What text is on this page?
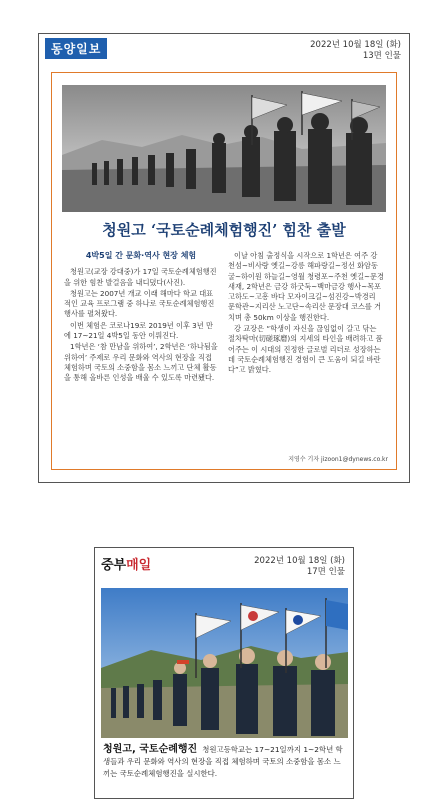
동양일보	2022년 10월 18일 (화)
13면 인물
청원고 ‘국토순례체험행진’ 힘찬 출발
4박5일 간 문화·역사 현장 체험

청원고(교장 강대중)가 17일 국토순례체험행진을 위한 힘찬 발걸음을 내디뎠다(사진).

청원고는 2007년 개교 이래 해마다 학교 대표적인 교육 프로그램 중 하나로 국토순례체험행진 행사를 펼쳐왔다.

이번 체험은 코로나19로 2019년 이후 3년 만에 17~21일 4박5일 동안 이뤄진다.

1학년은 ‘참 만남을 위하여’, 2학년은 ‘하나됨을 위하여’ 주제로 우리 문화와 역사의 현장을 직접 체험하며 국토의 소중함을 몸소 느끼고 단체 활동을 통해 올바른 인성을 배울 수 있도록 마련됐다.

이날 아침 출정식을 시작으로 1학년은 여주 강천섬~비사랑 옛길~강릉 해파랑길~정선 화암동굴~하이원 하늘길~영월 청령포~주천 옛길~문경새재, 2학년은 금강 하굿둑~백마금강 행사~목포 고하도~고흥 바다 모자이크길~섬진강~박경리 문학관~지리산 노고단~속리산 문장대 코스를 거치며 총 50km 이상을 행진한다.

강 교장은 “학생이 자신을 끊임없이 갈고 닦는 절차탁마(切磋琢磨)의 지세의 타인을 배려하고 품어주는 이 시대의 진정한 글로벌 리더로 성장하는 데 국토순례체험행진 경험이 큰 도움이 되길 바란다”고 밝혔다.

지영수 기자 jizoon1@dynews.co.kr
중부매일	2022년 10월 18일 (화)
17면 인물
청원고, 국토순례행진 청원고등학교는 17~21일까지 1~2학년 학생들과 우리 문화와 역사의 현장을 직접 체험하며 국토의 소중함을 몸소 느끼는 국토순례체험행진을 실시한다.
